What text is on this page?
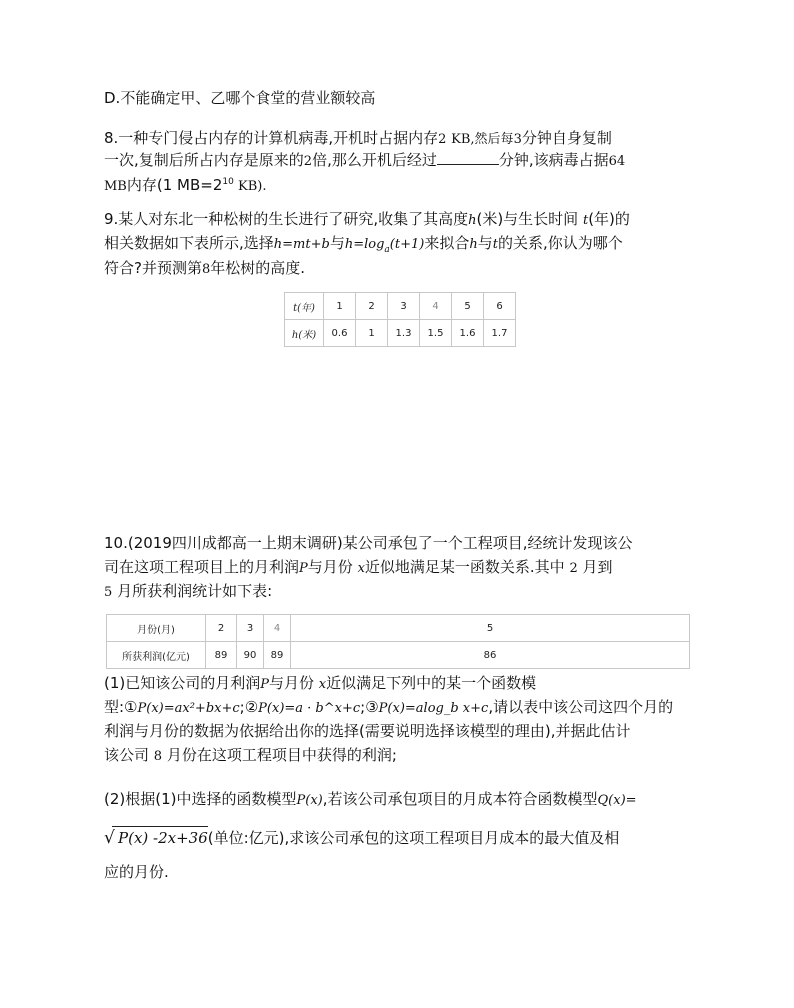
D.不能确定甲、乙哪个食堂的营业额较高
8.一种专门侵占内存的计算机病毒,开机时占据内存2 KB,然后每3分钟自身复制
一次,复制后所占内存是原来的2倍,那么开机后经过	分钟,该病毒占据64
MB内存(1 $MB=2^{10}$ KB).
9.某人对东北一种松树的生长进行了研究,收集了其高度h(米)与生长时间 t(年)的
相关数据如下表所示,选择h=mt+b与$h=\log_a(t+1)$来拟合h与t的关系,你认为哪个
符合?并预测第8年松树的高度.
t(年)	1	2	3	4	5	6
h(米)	0.6	1	1.3	1.5	1.6	1.7
10.(2019四川成都高一上期末调研)某公司承包了一个工程项目,经统计发现该公
司在这项工程项目上的月利润P与月份 x近似地满足某一函数关系.其中 2 月到
5 月所获利润统计如下表:
月份(月)	2	3	4	5
所获利润(亿元)	89	90	89	86
(1)已知该公司的月利润P与月份 x近似满足下列中的某一个函数模
型:①P(x)=ax²+bx+c;②P(x)=a · b^x+c;③P(x)=alog_b x+c,请以表中该公司这四个月的
利润与月份的数据为依据给出你的选择(需要说明选择该模型的理由),并据此估计
该公司 8 月份在这项工程项目中获得的利润;
(2)根据(1)中选择的函数模型P(x),若该公司承包项目的月成本符合函数模型Q(x)=
√ P(x) -2x+36(单位:亿元),求该公司承包的这项工程项目月成本的最大值及相
应的月份.
